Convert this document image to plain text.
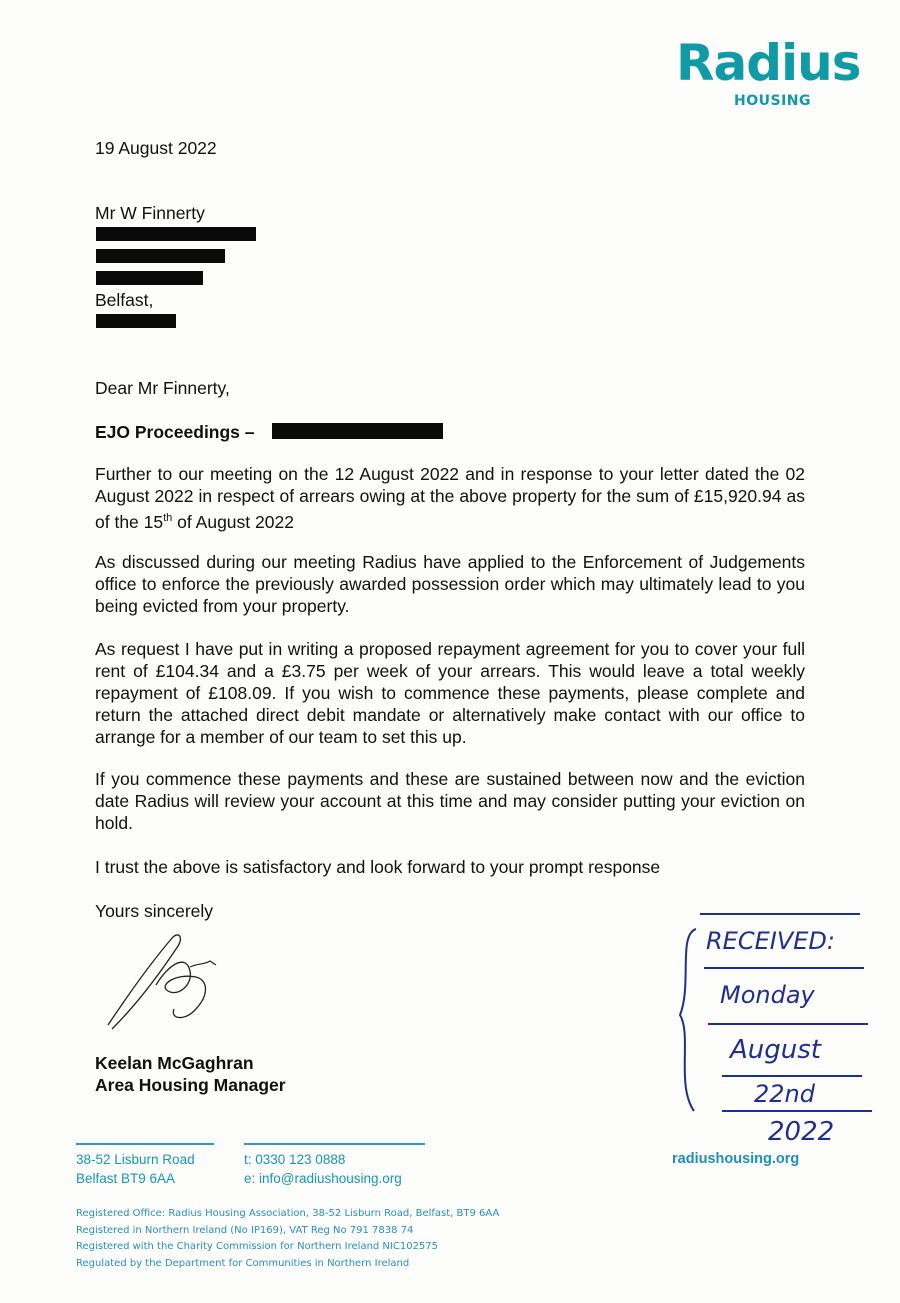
Radius
HOUSING
19 August 2022
Mr W Finnerty
Belfast,
Dear Mr Finnerty,
EJO Proceedings –
Further to our meeting on the 12 August 2022 and in response to your letter dated the 02 August 2022 in respect of arrears owing at the above property for the sum of £15,920.94 as of the 15th of August 2022
As discussed during our meeting Radius have applied to the Enforcement of Judgements office to enforce the previously awarded possession order which may ultimately lead to you being evicted from your property.
As request I have put in writing a proposed repayment agreement for you to cover your full rent of £104.34 and a £3.75 per week of your arrears. This would leave a total weekly repayment of £108.09. If you wish to commence these payments, please complete and return the attached direct debit mandate or alternatively make contact with our office to arrange for a member of our team to set this up.
If you commence these payments and these are sustained between now and the eviction date Radius will review your account at this time and may consider putting your eviction on hold.
I trust the above is satisfactory and look forward to your prompt response
Yours sincerely
Keelan McGaghran
Area Housing Manager
RECEIVED:
Monday
August
22nd
2022
38-52 Lisburn Road
Belfast BT9 6AA
t: 0330 123 0888
e: info@radiushousing.org
radiushousing.org
Registered Office: Radius Housing Association, 38-52 Lisburn Road, Belfast, BT9 6AA
Registered in Northern Ireland (No IP169), VAT Reg No 791 7838 74
Registered with the Charity Commission for Northern Ireland NIC102575
Regulated by the Department for Communities in Northern Ireland
